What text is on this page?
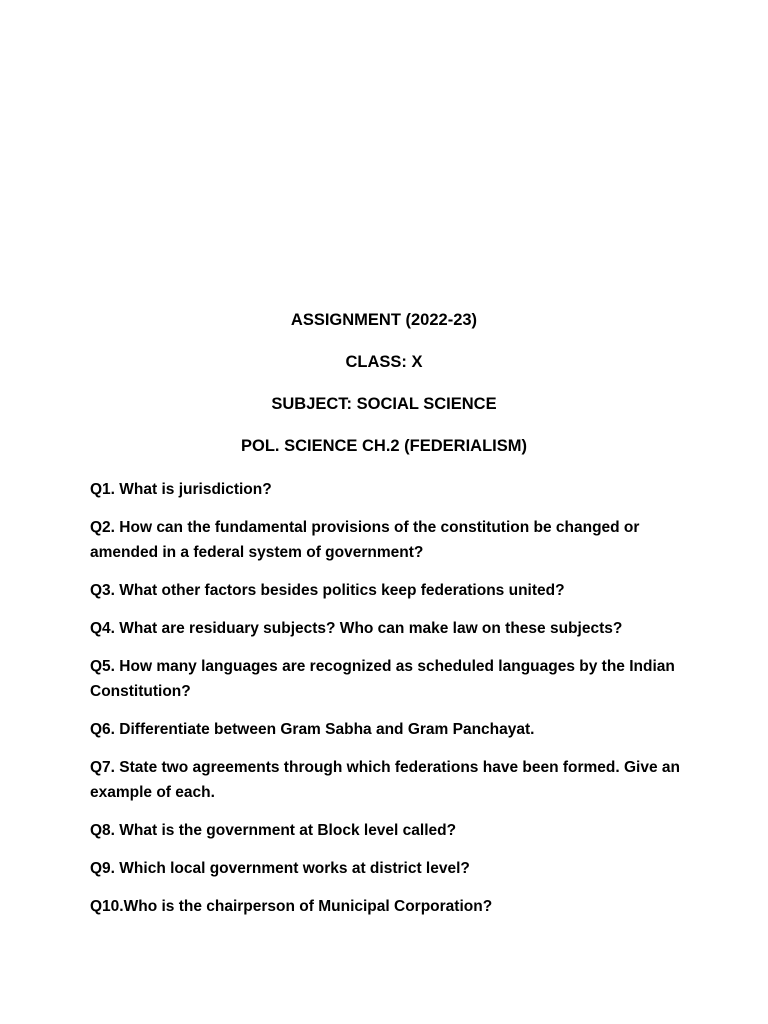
ASSIGNMENT (2022-23)
CLASS: X
SUBJECT: SOCIAL SCIENCE
POL. SCIENCE CH.2 (FEDERIALISM)
Q1. What is jurisdiction?
Q2. How can the fundamental provisions of the constitution be changed or amended in a federal system of government?
Q3. What other factors besides politics keep federations united?
Q4. What are residuary subjects? Who can make law on these subjects?
Q5. How many languages are recognized as scheduled languages by the Indian Constitution?
Q6. Differentiate between Gram Sabha and Gram Panchayat.
Q7. State two agreements through which federations have been formed. Give an example of each.
Q8. What is the government at Block level called?
Q9. Which local government works at district level?
Q10.Who is the chairperson of Municipal Corporation?
